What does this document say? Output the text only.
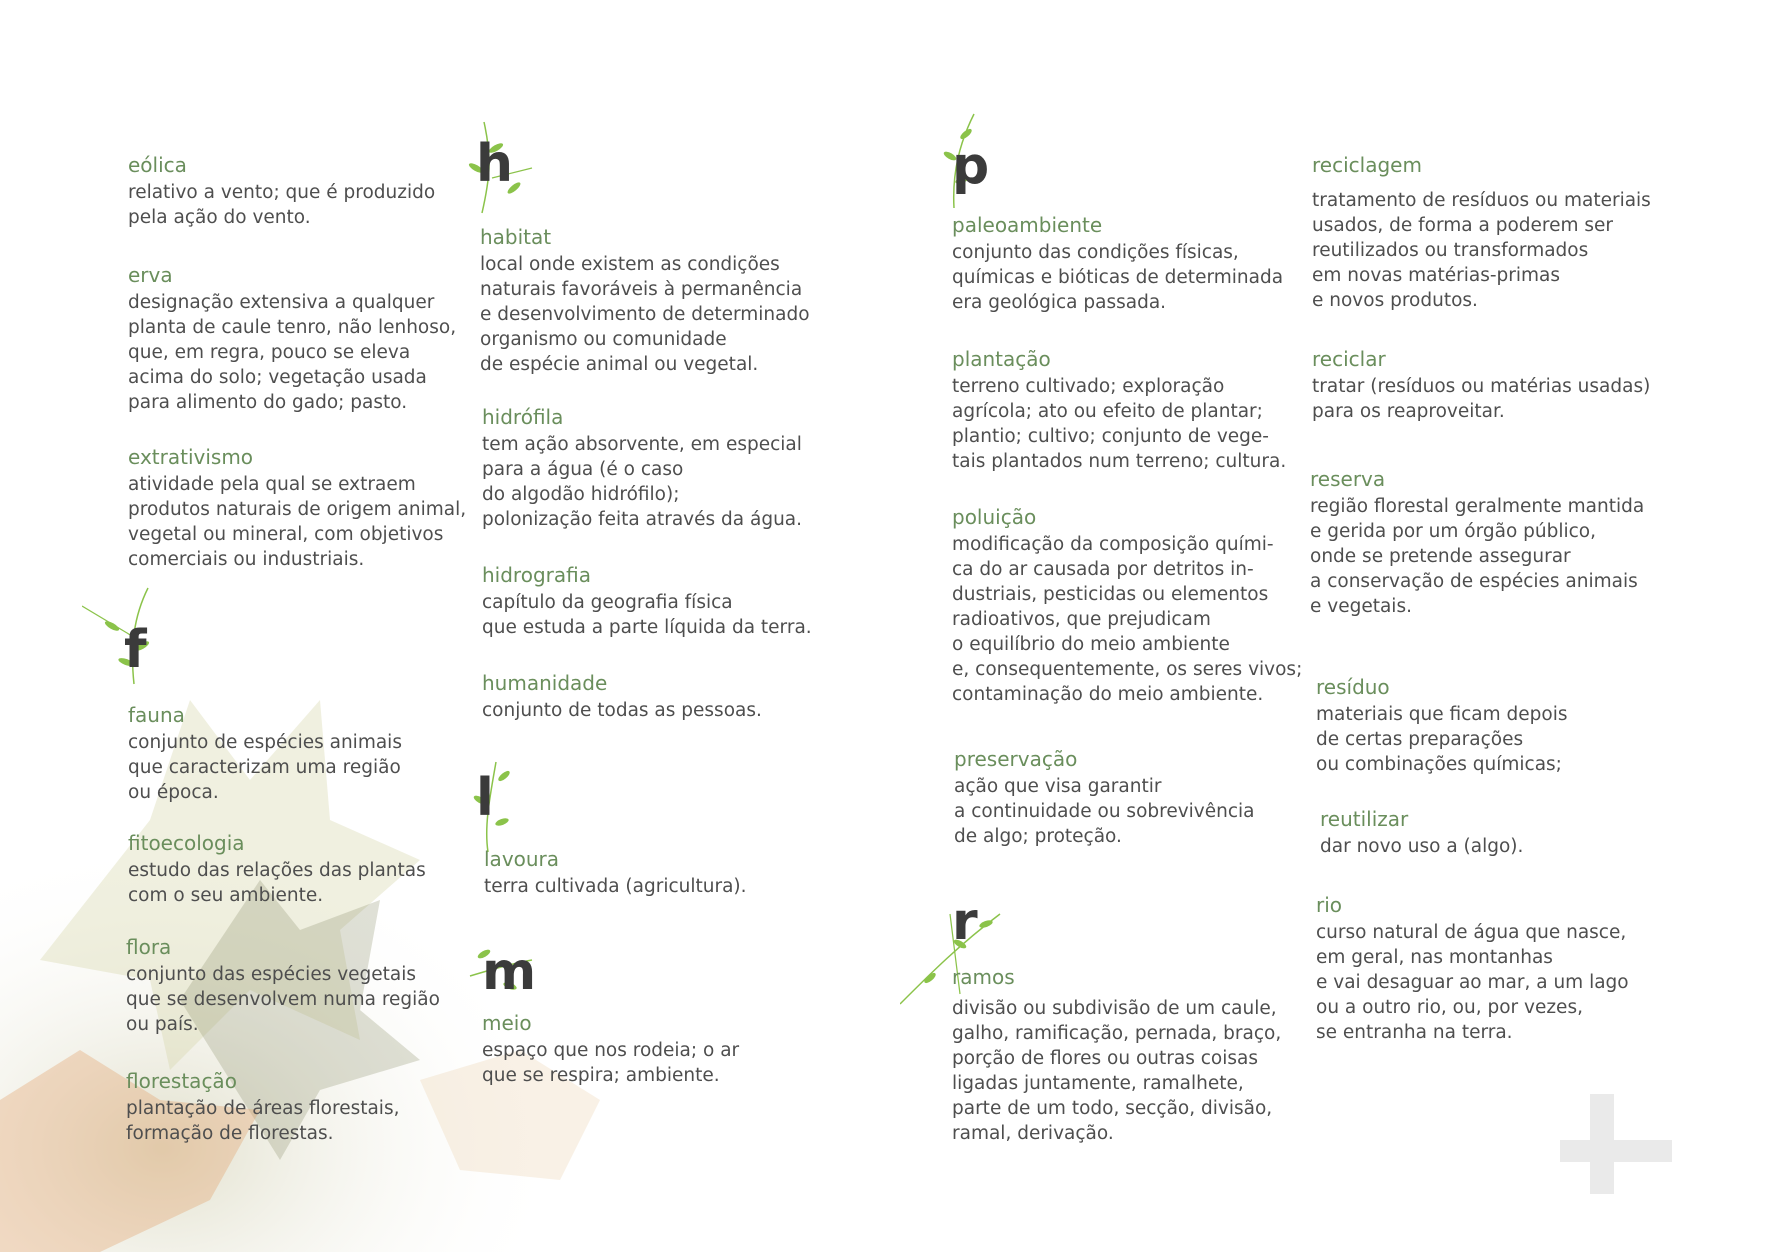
h
f
l
m
p
r

eólica

relativo a vento; que é produzido
pela ação do vento.

erva

designação extensiva a qualquer
planta de caule tenro, não lenhoso,
que, em regra, pouco se eleva
acima do solo; vegetação usada
para alimento do gado; pasto.

extrativismo

atividade pela qual se extraem
produtos naturais de origem animal,
vegetal ou mineral, com objetivos
comerciais ou industriais.

fauna

conjunto de espécies animais
que caracterizam uma região
ou época.

fitoecologia

estudo das relações das plantas
com o seu ambiente.

flora

conjunto das espécies vegetais
que se desenvolvem numa região
ou país.

florestação

plantação de áreas florestais,
formação de florestas.

habitat

local onde existem as condições
naturais favoráveis à permanência
e desenvolvimento de determinado
organismo ou comunidade
de espécie animal ou vegetal.

hidrófila

tem ação absorvente, em especial
para a água (é o caso
do algodão hidrófilo);
polonização feita através da água.

hidrografia

capítulo da geografia física
que estuda a parte líquida da terra.

humanidade

conjunto de todas as pessoas.

lavoura

terra cultivada (agricultura).

meio

espaço que nos rodeia; o ar
que se respira; ambiente.

paleoambiente

conjunto das condições físicas,
químicas e bióticas de determinada
era geológica passada.

plantação

terreno cultivado; exploração
agrícola; ato ou efeito de plantar;
plantio; cultivo; conjunto de vege-
tais plantados num terreno; cultura.

poluição

modificação da composição quími-
ca do ar causada por detritos in-
dustriais, pesticidas ou elementos
radioativos, que prejudicam
o equilíbrio do meio ambiente
e, consequentemente, os seres vivos;
contaminação do meio ambiente.

preservação

ação que visa garantir
a continuidade ou sobrevivência
de algo; proteção.

ramos

divisão ou subdivisão de um caule,
galho, ramificação, pernada, braço,
porção de flores ou outras coisas
ligadas juntamente, ramalhete,
parte de um todo, secção, divisão,
ramal, derivação.

reciclagem

tratamento de resíduos ou materiais
usados, de forma a poderem ser
reutilizados ou transformados
em novas matérias-primas
e novos produtos.

reciclar

tratar (resíduos ou matérias usadas)
para os reaproveitar.

reserva

região florestal geralmente mantida
e gerida por um órgão público,
onde se pretende assegurar
a conservação de espécies animais
e vegetais.

resíduo

materiais que ficam depois
de certas preparações
ou combinações químicas;

reutilizar

dar novo uso a (algo).

rio

curso natural de água que nasce,
em geral, nas montanhas
e vai desaguar ao mar, a um lago
ou a outro rio, ou, por vezes,
se entranha na terra.
